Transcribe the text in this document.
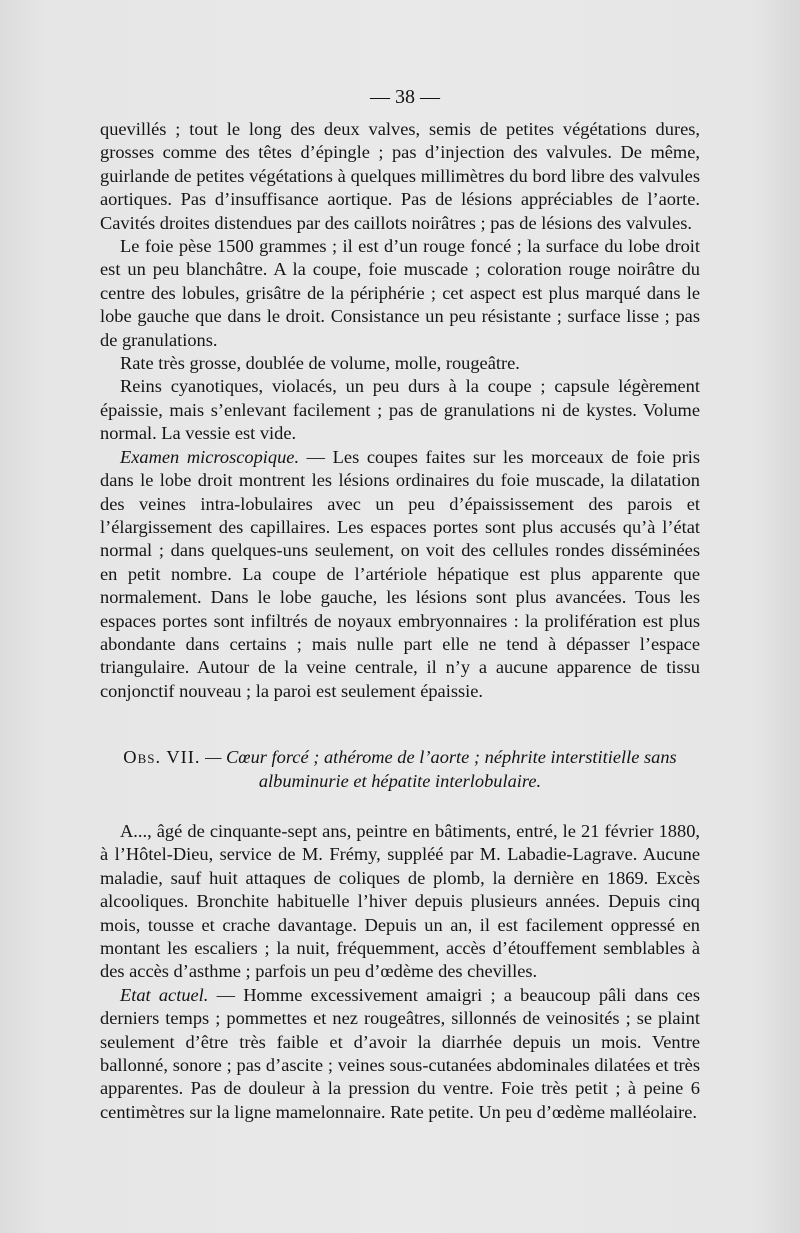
— 38 —

quevillés ; tout le long des deux valves, semis de petites végétations dures, grosses comme des têtes d’épingle ; pas d’injection des valvules. De même, guirlande de petites végétations à quelques millimètres du bord libre des valvules aortiques. Pas d’insuffisance aortique. Pas de lésions appréciables de l’aorte. Cavités droites distendues par des caillots noirâtres ; pas de lésions des valvules.

Le foie pèse 1500 grammes ; il est d’un rouge foncé ; la surface du lobe droit est un peu blanchâtre. A la coupe, foie muscade ; coloration rouge noirâtre du centre des lobules, grisâtre de la périphérie ; cet aspect est plus marqué dans le lobe gauche que dans le droit. Consistance un peu résistante ; surface lisse ; pas de granulations.

Rate très grosse, doublée de volume, molle, rougeâtre.

Reins cyanotiques, violacés, un peu durs à la coupe ; capsule légèrement épaissie, mais s’enlevant facilement ; pas de granulations ni de kystes. Volume normal. La vessie est vide.

Examen microscopique. — Les coupes faites sur les morceaux de foie pris dans le lobe droit montrent les lésions ordinaires du foie muscade, la dilatation des veines intra-lobulaires avec un peu d’épaississement des parois et l’élargissement des capillaires. Les espaces portes sont plus accusés qu’à l’état normal ; dans quelques-uns seulement, on voit des cellules rondes disséminées en petit nombre. La coupe de l’artériole hépatique est plus apparente que normalement. Dans le lobe gauche, les lésions sont plus avancées. Tous les espaces portes sont infiltrés de noyaux embryonnaires : la prolifération est plus abondante dans certains ; mais nulle part elle ne tend à dépasser l’espace triangulaire. Autour de la veine centrale, il n’y a aucune apparence de tissu conjonctif nouveau ; la paroi est seulement épaissie.

Obs. VII. — Cœur forcé ; athérome de l’aorte ; néphrite interstitielle sans albuminurie et hépatite interlobulaire.

A..., âgé de cinquante-sept ans, peintre en bâtiments, entré, le 21 février 1880, à l’Hôtel-Dieu, service de M. Frémy, suppléé par M. Labadie-Lagrave. Aucune maladie, sauf huit attaques de coliques de plomb, la dernière en 1869. Excès alcooliques. Bronchite habituelle l’hiver depuis plusieurs années. Depuis cinq mois, tousse et crache davantage. Depuis un an, il est facilement oppressé en montant les escaliers ; la nuit, fréquemment, accès d’étouffement semblables à des accès d’asthme ; parfois un peu d’œdème des chevilles.

Etat actuel. — Homme excessivement amaigri ; a beaucoup pâli dans ces derniers temps ; pommettes et nez rougeâtres, sillonnés de veinosités ; se plaint seulement d’être très faible et d’avoir la diarrhée depuis un mois. Ventre ballonné, sonore ; pas d’ascite ; veines sous-cutanées abdominales dilatées et très apparentes. Pas de douleur à la pression du ventre. Foie très petit ; à peine 6 centimètres sur la ligne mamelonnaire. Rate petite. Un peu d’œdème malléolaire.
